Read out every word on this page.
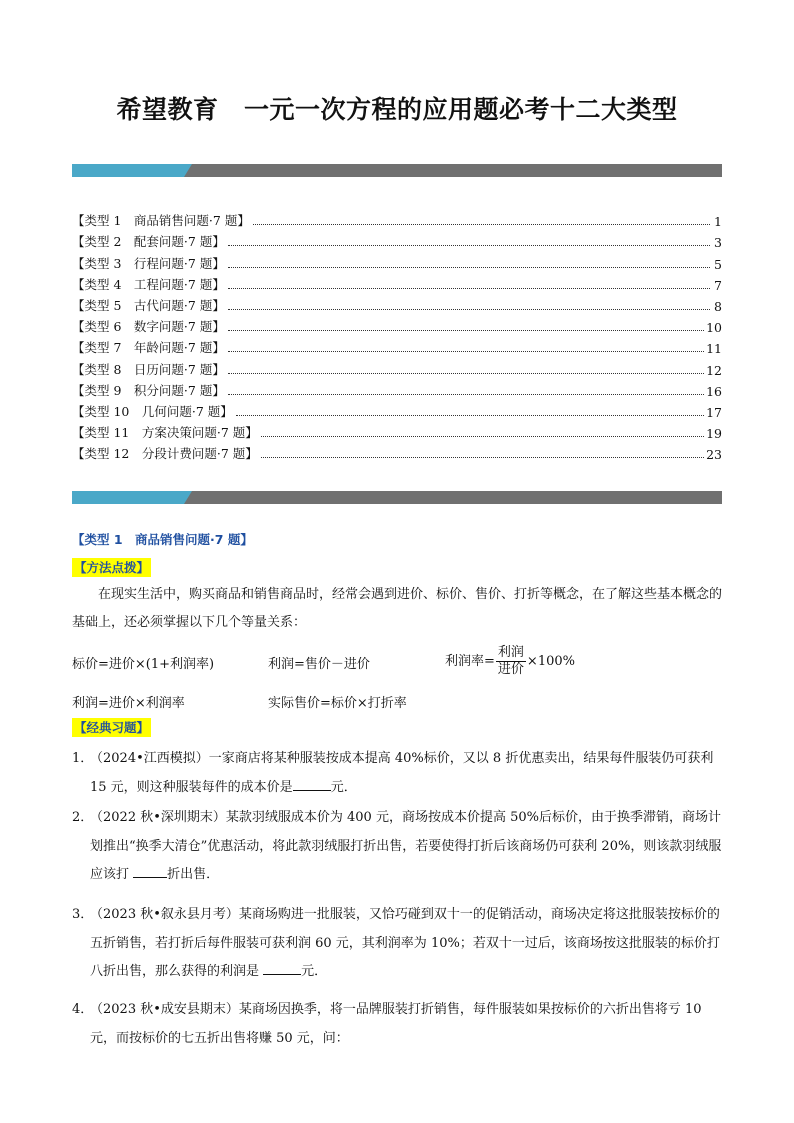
希望教育　一元一次方程的应用题必考十二大类型
【类型 1　商品销售问题·7 题】	1
【类型 2　配套问题·7 题】	3
【类型 3　行程问题·7 题】	5
【类型 4　工程问题·7 题】	7
【类型 5　古代问题·7 题】	8
【类型 6　数字问题·7 题】	10
【类型 7　年龄问题·7 题】	11
【类型 8　日历问题·7 题】	12
【类型 9　积分问题·7 题】	16
【类型 10　几何问题·7 题】	17
【类型 11　方案决策问题·7 题】	19
【类型 12　分段计费问题·7 题】	23
【类型 1　商品销售问题·7 题】
【方法点拨】
在现实生活中，购买商品和销售商品时，经常会遇到进价、标价、售价、打折等概念，在了解这些基本概念的基础上，还必须掌握以下几个等量关系：
标价=进价×(1+利润率)	利润=售价－进价	利润率= $\frac{\text{利润}}{\text{进价}} \times 100\%$
利润=进价×利润率	实际售价=标价×打折率
【经典习题】
1．
（2024•江西模拟）一家商店将某种服装按成本提高 40%标价，又以 8 折优惠卖出，结果每件服装仍可获利 15 元，则这种服装每件的成本价是	元．
2．
（2022 秋•深圳期末）某款羽绒服成本价为 400 元，商场按成本价提高 50%后标价，由于换季滞销，商场计划推出“换季大清仓”优惠活动，将此款羽绒服打折出售，若要使得打折后该商场仍可获利 20%，则该款羽绒服应该打	折出售．
3．
（2023 秋•叙永县月考）某商场购进一批服装，又恰巧碰到双十一的促销活动，商场决定将这批服装按标价的五折销售，若打折后每件服装可获利润 60 元，其利润率为 10%；若双十一过后，该商场按这批服装的标价打八折出售，那么获得的利润是	元．
4．
（2023 秋•成安县期末）某商场因换季，将一品牌服装打折销售，每件服装如果按标价的六折出售将亏 10 元，而按标价的七五折出售将赚 50 元，问：
